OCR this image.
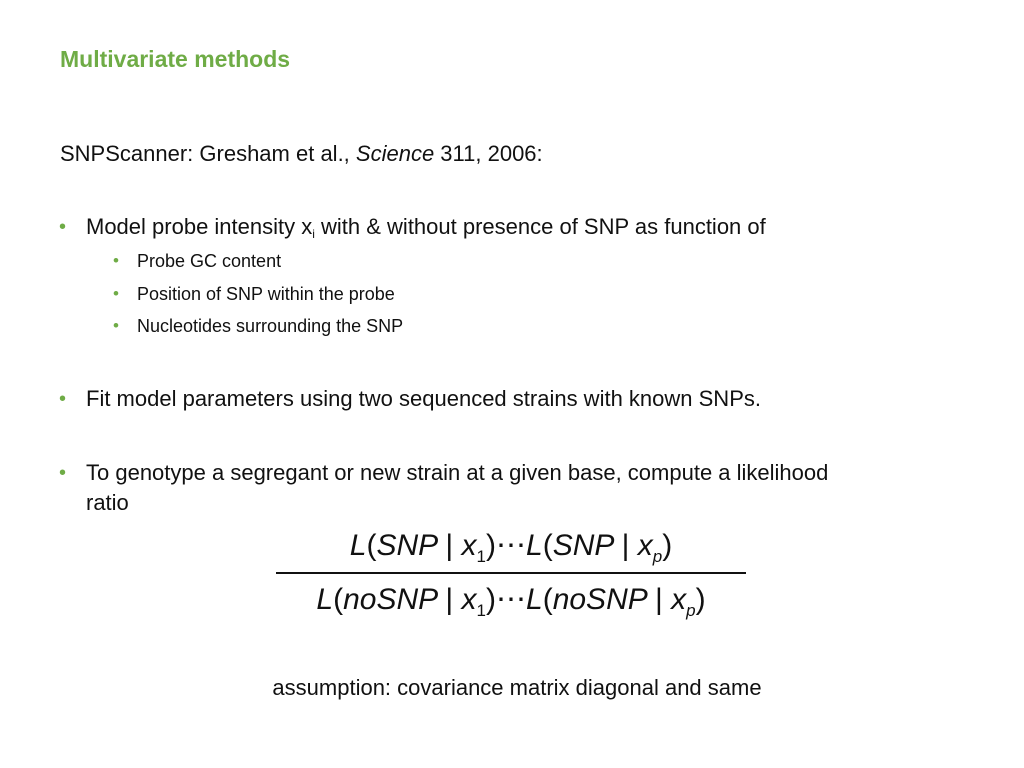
Multivariate methods

SNPScanner: Gresham et al., Science 311, 2006:

• Model probe intensity $x_i$ with & without presence of SNP as function of

• Probe GC content

• Position of SNP within the probe

• Nucleotides surrounding the SNP

• Fit model parameters using two sequenced strains with known SNPs.

• To genotype a segregant or new strain at a given base, compute a likelihood
ratio

L(SNP | $x_1)\cdots L(SNP$ | $x_p$)
L(noSNP | $x_1)\cdots L(noSNP$ | $x_p$)

assumption: covariance matrix diagonal and same
